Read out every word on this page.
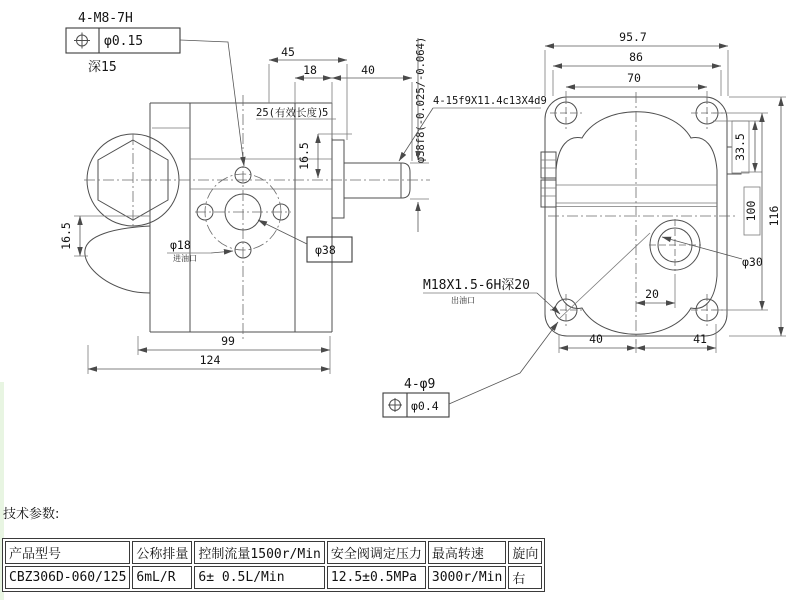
4-M8-7H
φ0.15
深15
45
18	40
25(有效长度)
5
16.5	φ38f8(-0.025/-0.064) 4-15f9X11.4c13X4d9
φ18
进油口
φ38
16.5
99
124
95.7
86
70
33.5
100 116
φ30
20
40	41
M18X1.5-6H深20
出油口
4-φ9
φ0.4
技术参数:
产品型号	公称排量	控制流量1500r/Min	安全阀调定压力	最高转速	旋向
CBZ306D-060/125	6mL/R	6± 0.5L/Min	12.5±0.5MPa	3000r/Min	右
